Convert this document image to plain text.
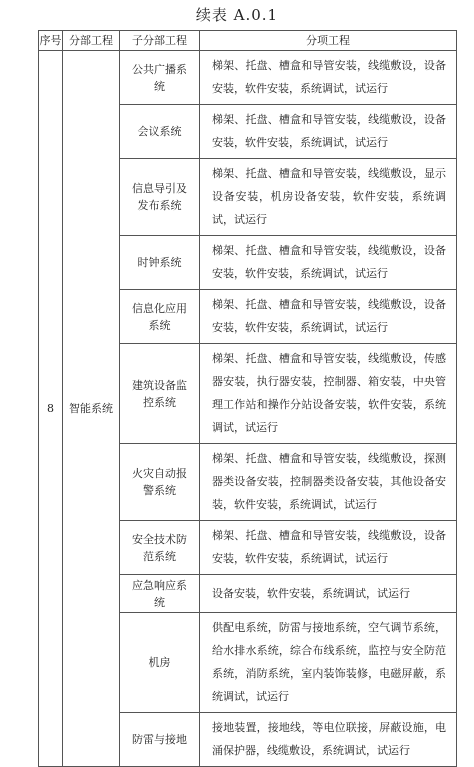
续表 A.0.1
序号	分部工程	子分部工程	分项工程
8	智能系统	公共广播系统	梯架、托盘、槽盒和导管安装，线缆敷设，设备安装，软件安装，系统调试，试运行
		会议系统	梯架、托盘、槽盒和导管安装，线缆敷设，设备安装，软件安装，系统调试，试运行
		信息导引及发布系统	梯架、托盘、槽盒和导管安装，线缆敷设，显示设备安装，机房设备安装，软件安装，系统调试，试运行
		时钟系统	梯架、托盘、槽盒和导管安装，线缆敷设，设备安装，软件安装，系统调试，试运行
		信息化应用系统	梯架、托盘、槽盒和导管安装，线缆敷设，设备安装，软件安装，系统调试，试运行
		建筑设备监控系统	梯架、托盘、槽盒和导管安装，线缆敷设，传感器安装，执行器安装，控制器、箱安装，中央管理工作站和操作分站设备安装，软件安装，系统调试，试运行
		火灾自动报警系统	梯架、托盘、槽盒和导管安装，线缆敷设，探测器类设备安装，控制器类设备安装，其他设备安装，软件安装，系统调试，试运行
		安全技术防范系统	梯架、托盘、槽盒和导管安装，线缆敷设，设备安装，软件安装，系统调试，试运行
		应急响应系统	设备安装，软件安装，系统调试，试运行
		机房	供配电系统，防雷与接地系统，空气调节系统，给水排水系统，综合布线系统，监控与安全防范系统，消防系统，室内装饰装修，电磁屏蔽，系统调试，试运行
		防雷与接地	接地装置，接地线，等电位联接，屏蔽设施，电涌保护器，线缆敷设，系统调试，试运行
